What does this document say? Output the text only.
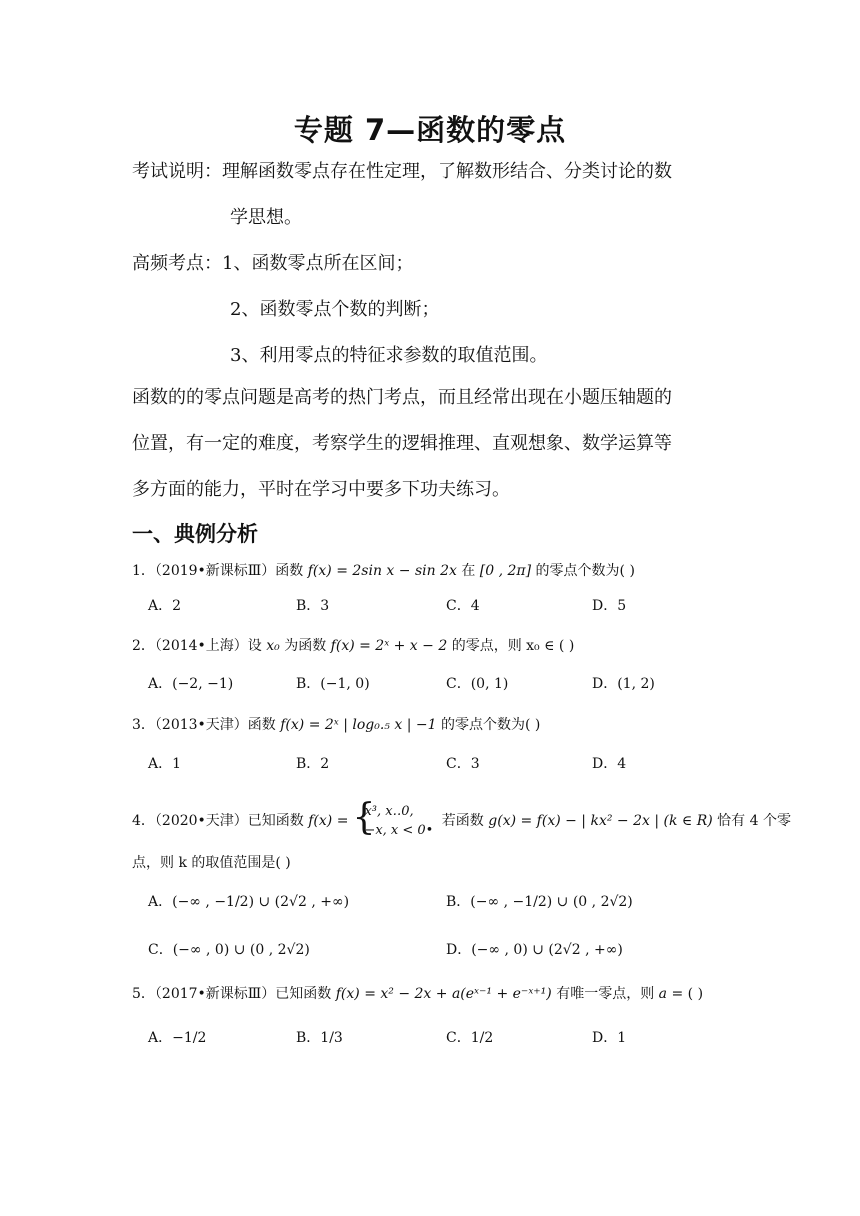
专题 7—函数的零点
考试说明：理解函数零点存在性定理，了解数形结合、分类讨论的数
学思想。
高频考点：1、函数零点所在区间；
2、函数零点个数的判断；
3、利用零点的特征求参数的取值范围。
函数的的零点问题是高考的热门考点，而且经常出现在小题压轴题的
位置，有一定的难度，考察学生的逻辑推理、直观想象、数学运算等
多方面的能力，平时在学习中要多下功夫练习。
一、典例分析
1．（2019•新课标Ⅲ）函数 f(x) = 2sin x − sin 2x 在 [0 , 2π] 的零点个数为( )
A．2	B．3	C．4	D．5
2．（2014•上海）设 x₀ 为函数 f(x) = 2ˣ + x − 2 的零点，则 x₀ ∈ ( )
A．(−2, −1)	B．(−1, 0)	C．(0, 1)	D．(1, 2)
3．（2013•天津）函数 f(x) = 2ˣ | log₀.₅ x | −1 的零点个数为( )
A．1	B．2	C．3	D．4
4．（2020•天津）已知函数 f(x) = {
x³, x‥0,
−x, x < 0•
若函数 g(x) = f(x) − | kx² − 2x | (k ∈ R) 恰有 4 个零
点，则 k 的取值范围是( )
A．(−∞ , −1/2) ∪ (2√2 , +∞)	B．(−∞ , −1/2) ∪ (0 , 2√2)
C．(−∞ , 0) ∪ (0 , 2√2)	D．(−∞ , 0) ∪ (2√2 , +∞)
5．（2017•新课标Ⅲ）已知函数 f(x) = x² − 2x + a(eˣ⁻¹ + e⁻ˣ⁺¹) 有唯一零点，则 a = ( )
A．−1/2	B．1/3	C．1/2	D．1
